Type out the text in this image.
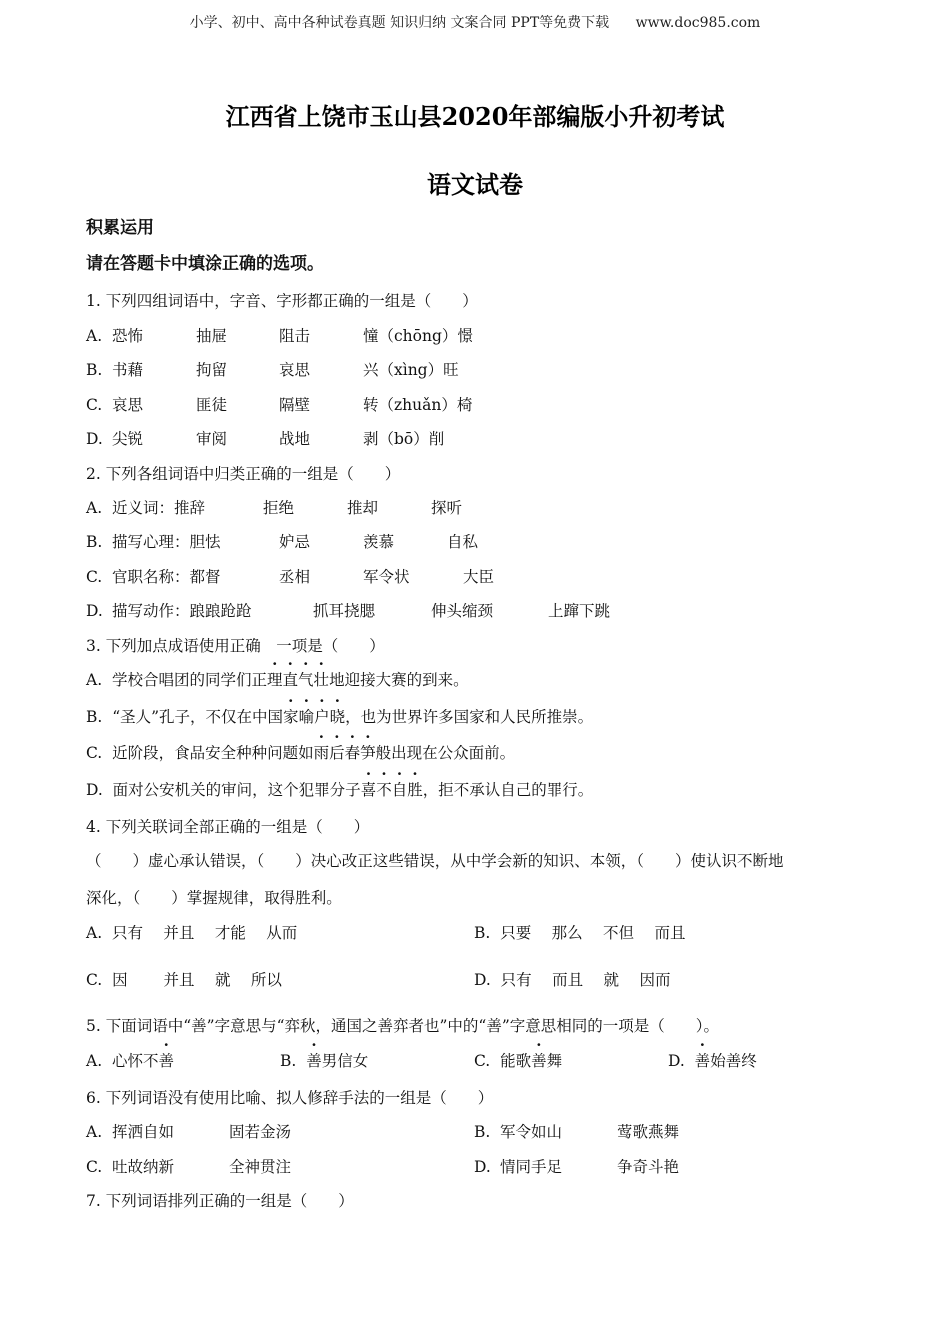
小学、初中、高中各种试卷真题 知识归纳 文案合同 PPT等免费下载 www.doc985.com
江西省上饶市玉山县2020年部编版小升初考试
语文试卷
积累运用
请在答题卡中填涂正确的选项。
1. 下列四组词语中，字音、字形都正确的一组是（　　）
A. 恐怖	抽屉	阻击	憧（chōng）憬
B. 书藉	拘留	哀思	兴（xìng）旺
C. 哀思	匪徒	隔壁	转（zhuǎn）椅
D. 尖锐	审阅	战地	剥（bō）削
2. 下列各组词语中归类正确的一组是（　　）
A. 近义词：推辞	拒绝	推却	探听
B. 描写心理：胆怯	妒忌	羡慕	自私
C. 官职名称：都督	丞相	军令状	大臣
D. 描写动作：踉踉跄跄	抓耳挠腮	伸头缩颈	上蹿下跳
3. 下列加点成语使用正确　一项是（　　）
A. 学校合唱团的同学们正理直气壮地迎接大赛的到来。
B. “圣人”孔子，不仅在中国家喻户晓，也为世界许多国家和人民所推崇。
C. 近阶段，食品安全种种问题如雨后春笋般出现在公众面前。
D. 面对公安机关的审问，这个犯罪分子喜不自胜，拒不承认自己的罪行。
4. 下列关联词全部正确的一组是（　　）
（　　）虚心承认错误，（　　）决心改正这些错误，从中学会新的知识、本领，（　　）使认识不断地
深化，（　　）掌握规律，取得胜利。
A. 只有　 并且　 才能　 从而	B. 只要　 那么　 不但　 而且
C. 因　　 并且　 就　 所以	D. 只有　 而且　 就　 因而
5. 下面词语中“善”字意思与“弈秋，通国之善弈者也”中的“善”字意思相同的一项是（　　）。
A. 心怀不善	B. 善男信女	C. 能歌善舞	D. 善始善终
6. 下列词语没有使用比喻、拟人修辞手法的一组是（　　）
A. 挥洒自如	固若金汤	B. 军令如山	莺歌燕舞
C. 吐故纳新	全神贯注	D. 情同手足	争奇斗艳
7. 下列词语排列正确的一组是（　　）
